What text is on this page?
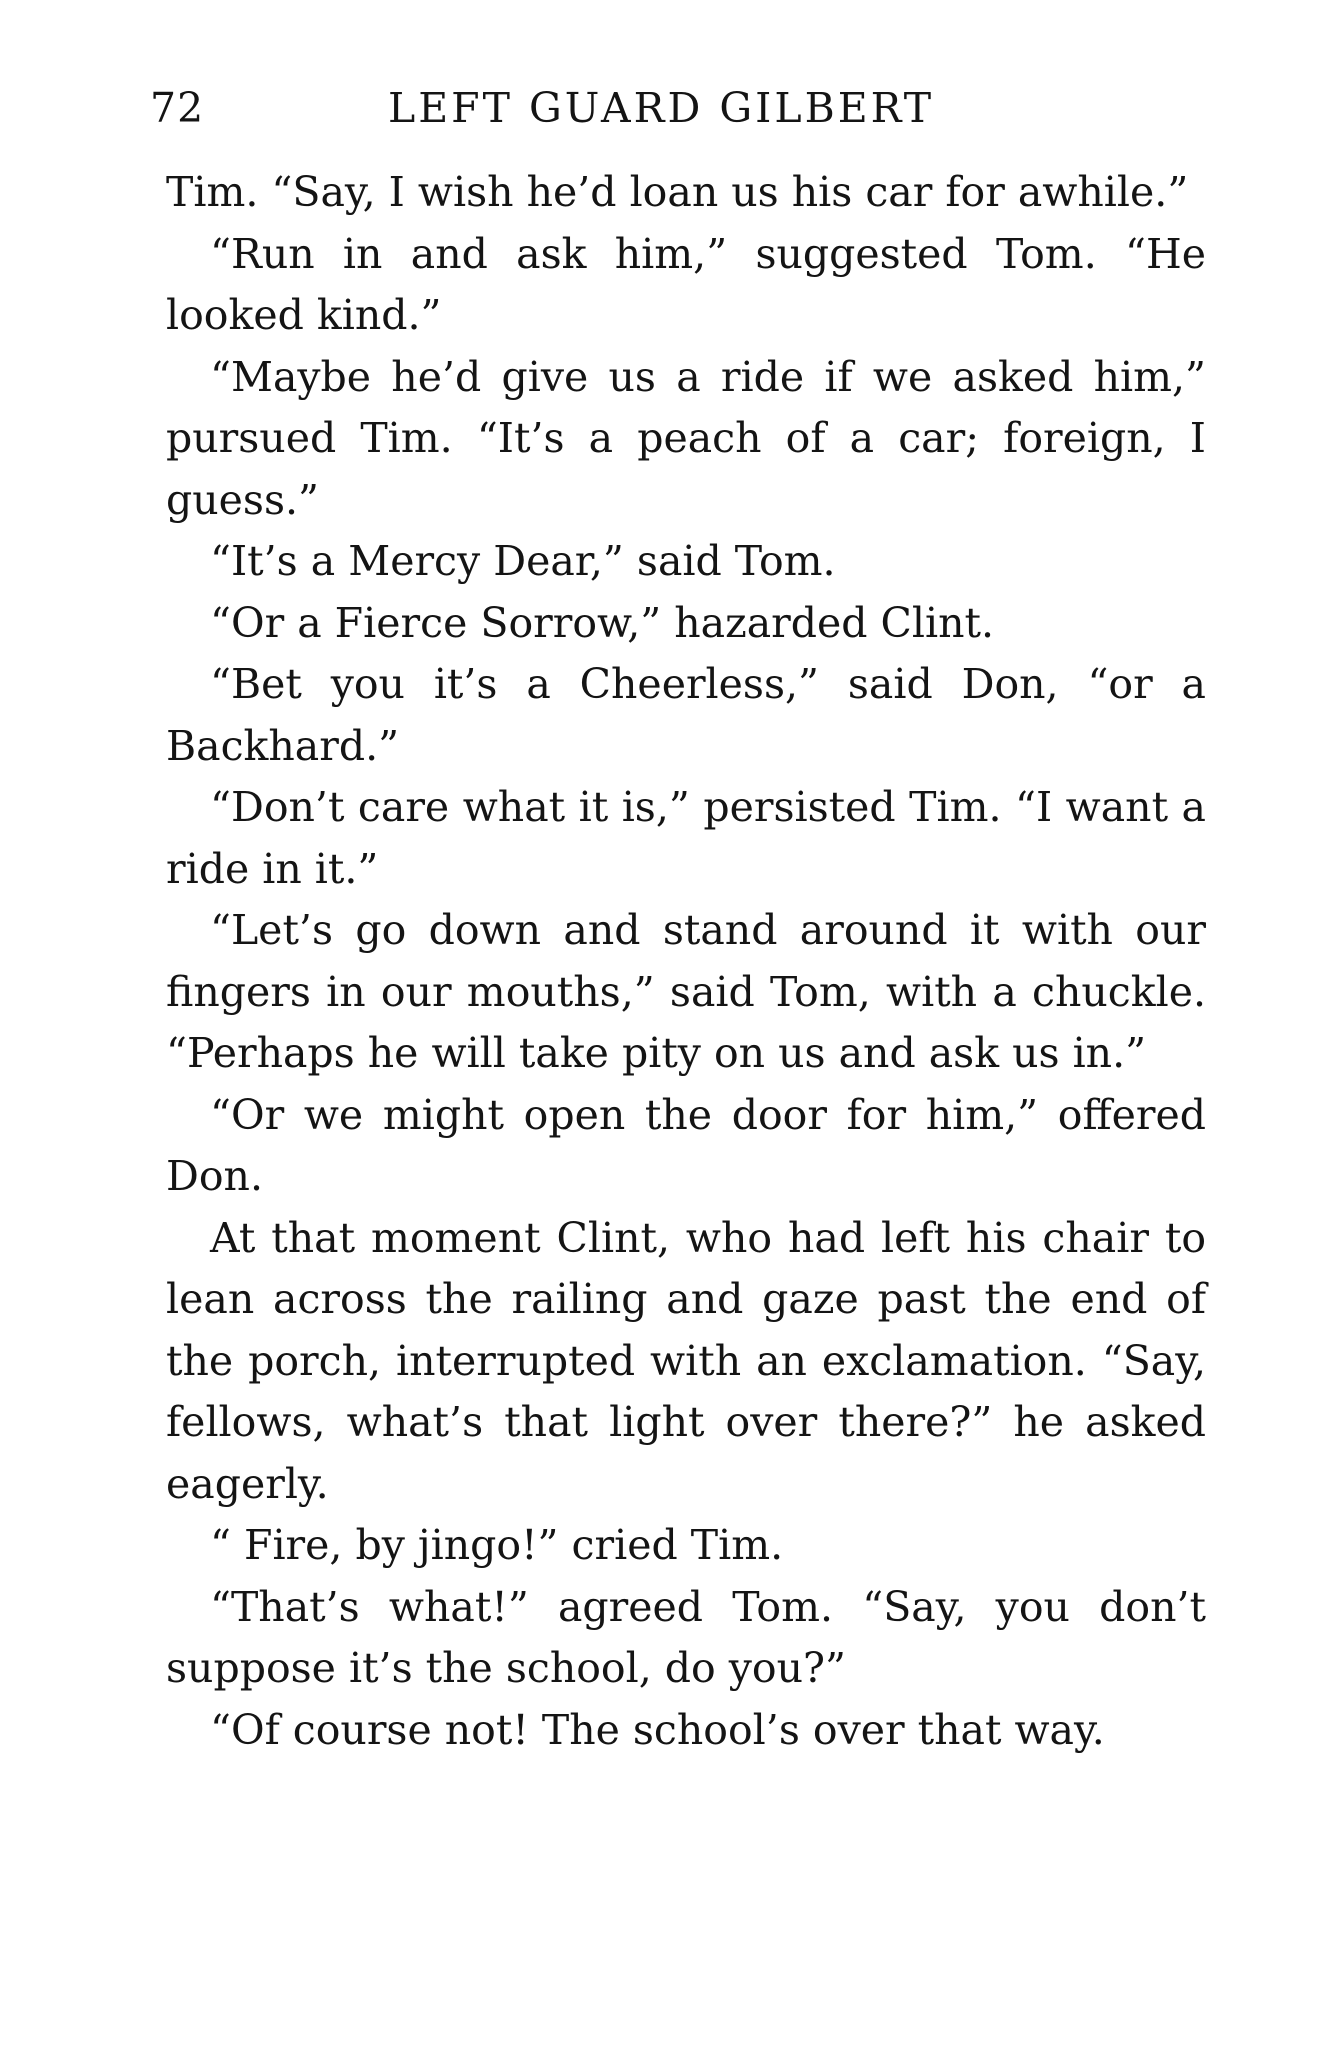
72	LEFT GUARD GILBERT

Tim. “Say, I wish he’d loan us his car for awhile.”

“Run in and ask him,” suggested Tom. “He looked kind.”

“Maybe he’d give us a ride if we asked him,” pursued Tim. “It’s a peach of a car; foreign, I guess.”

“It’s a Mercy Dear,” said Tom.

“Or a Fierce Sorrow,” hazarded Clint.

“Bet you it’s a Cheerless,” said Don, “or a Backhard.”

“Don’t care what it is,” persisted Tim. “I want a ride in it.”

“Let’s go down and stand around it with our fingers in our mouths,” said Tom, with a chuckle. “Perhaps he will take pity on us and ask us in.”

“Or we might open the door for him,” offered Don.

At that moment Clint, who had left his chair to lean across the railing and gaze past the end of the porch, interrupted with an exclamation. “Say, fellows, what’s that light over there?” he asked eagerly.

“ Fire, by jingo!” cried Tim.

“That’s what!” agreed Tom. “Say, you don’t suppose it’s the school, do you?”

“Of course not! The school’s over that way.
